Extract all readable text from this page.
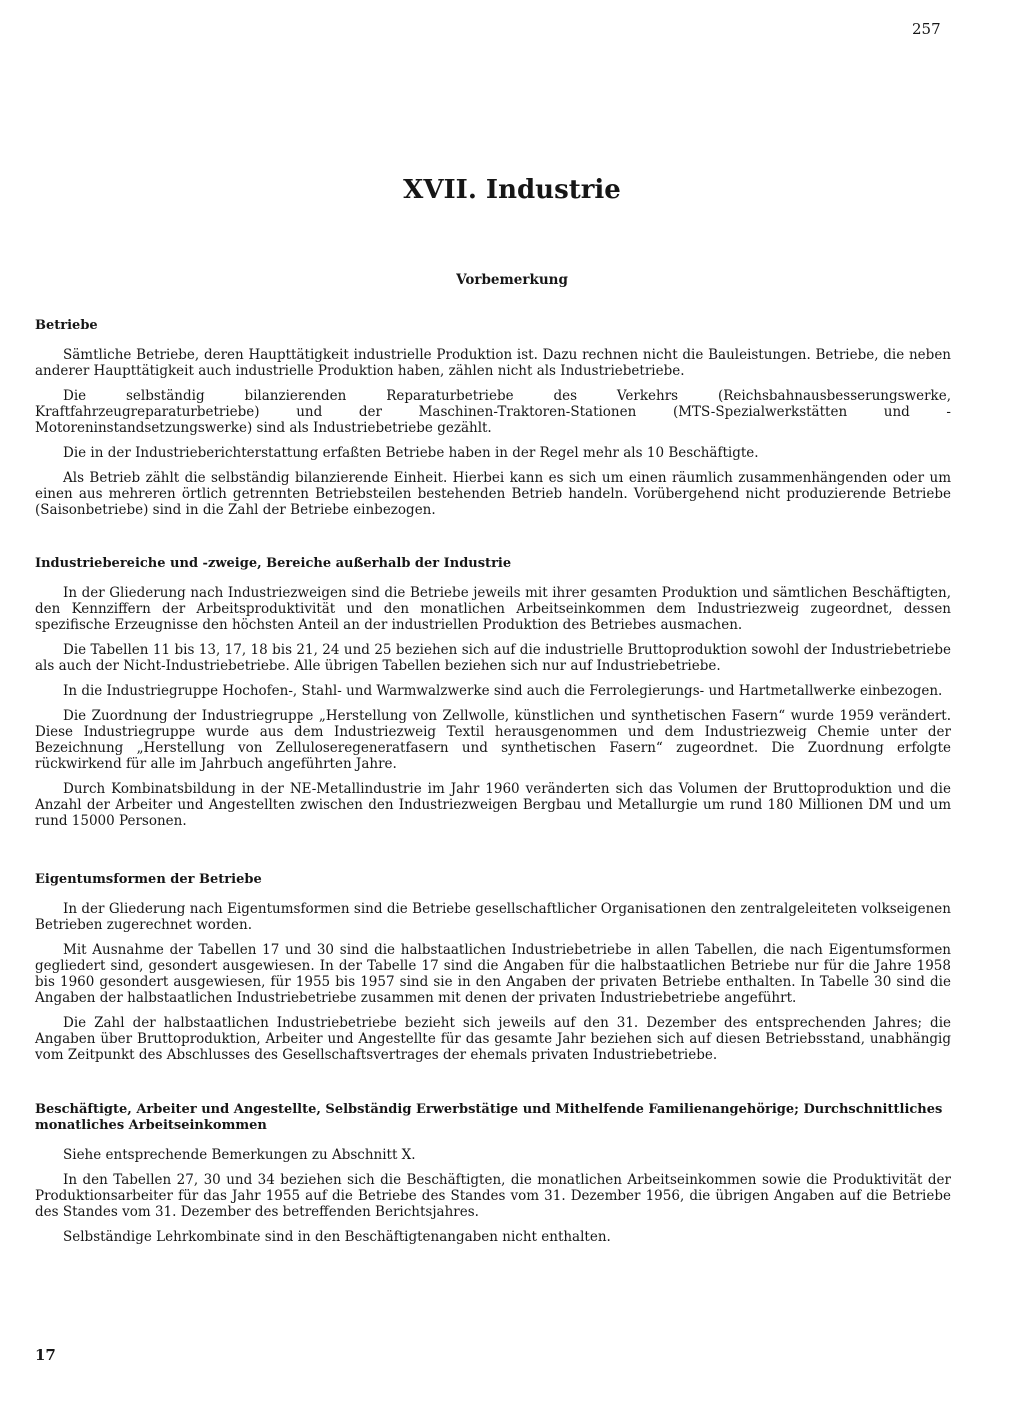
257
XVII. Industrie
Vorbemerkung
Betriebe

Sämtliche Betriebe, deren Haupttätigkeit industrielle Produktion ist. Dazu rechnen nicht die Bauleistungen. Betriebe, die neben anderer Haupttätigkeit auch industrielle Produktion haben, zählen nicht als Industriebetriebe.

Die selbständig bilanzierenden Reparaturbetriebe des Verkehrs (Reichsbahnausbesserungswerke, Kraftfahrzeugreparaturbetriebe) und der Maschinen-Traktoren-Stationen (MTS-Spezialwerkstätten und -Motoreninstandsetzungswerke) sind als Industriebetriebe gezählt.

Die in der Industrieberichterstattung erfaßten Betriebe haben in der Regel mehr als 10 Beschäftigte.

Als Betrieb zählt die selbständig bilanzierende Einheit. Hierbei kann es sich um einen räumlich zusammenhängenden oder um einen aus mehreren örtlich getrennten Betriebsteilen bestehenden Betrieb handeln. Vorübergehend nicht produzierende Betriebe (Saisonbetriebe) sind in die Zahl der Betriebe einbezogen.

Industriebereiche und -zweige, Bereiche außerhalb der Industrie

In der Gliederung nach Industriezweigen sind die Betriebe jeweils mit ihrer gesamten Produktion und sämtlichen Beschäftigten, den Kennziffern der Arbeitsproduktivität und den monatlichen Arbeitseinkommen dem Industriezweig zugeordnet, dessen spezifische Erzeugnisse den höchsten Anteil an der industriellen Produktion des Betriebes ausmachen.

Die Tabellen 11 bis 13, 17, 18 bis 21, 24 und 25 beziehen sich auf die industrielle Bruttoproduktion sowohl der Industriebetriebe als auch der Nicht-Industriebetriebe. Alle übrigen Tabellen beziehen sich nur auf Industriebetriebe.

In die Industriegruppe Hochofen-, Stahl- und Warmwalzwerke sind auch die Ferrolegierungs- und Hartmetallwerke einbezogen.

Die Zuordnung der Industriegruppe „Herstellung von Zellwolle, künstlichen und synthetischen Fasern“ wurde 1959 verändert. Diese Industriegruppe wurde aus dem Industriezweig Textil herausgenommen und dem Industriezweig Chemie unter der Bezeichnung „Herstellung von Zelluloseregeneratfasern und synthetischen Fasern“ zugeordnet. Die Zuordnung erfolgte rückwirkend für alle im Jahrbuch angeführten Jahre.

Durch Kombinatsbildung in der NE-Metallindustrie im Jahr 1960 veränderten sich das Volumen der Bruttoproduktion und die Anzahl der Arbeiter und Angestellten zwischen den Industriezweigen Bergbau und Metallurgie um rund 180 Millionen DM und um rund 15000 Personen.

Eigentumsformen der Betriebe

In der Gliederung nach Eigentumsformen sind die Betriebe gesellschaftlicher Organisationen den zentralgeleiteten volkseigenen Betrieben zugerechnet worden.

Mit Ausnahme der Tabellen 17 und 30 sind die halbstaatlichen Industriebetriebe in allen Tabellen, die nach Eigentumsformen gegliedert sind, gesondert ausgewiesen. In der Tabelle 17 sind die Angaben für die halbstaatlichen Betriebe nur für die Jahre 1958 bis 1960 gesondert ausgewiesen, für 1955 bis 1957 sind sie in den Angaben der privaten Betriebe enthalten. In Tabelle 30 sind die Angaben der halbstaatlichen Industriebetriebe zusammen mit denen der privaten Industriebetriebe angeführt.

Die Zahl der halbstaatlichen Industriebetriebe bezieht sich jeweils auf den 31. Dezember des entsprechenden Jahres; die Angaben über Bruttoproduktion, Arbeiter und Angestellte für das gesamte Jahr beziehen sich auf diesen Betriebsstand, unabhängig vom Zeitpunkt des Abschlusses des Gesellschaftsvertrages der ehemals privaten Industriebetriebe.

Beschäftigte, Arbeiter und Angestellte, Selbständig Erwerbstätige und Mithelfende Familienangehörige; Durchschnittliches monatliches Arbeitseinkommen

Siehe entsprechende Bemerkungen zu Abschnitt X.

In den Tabellen 27, 30 und 34 beziehen sich die Beschäftigten, die monatlichen Arbeitseinkommen sowie die Produktivität der Produktionsarbeiter für das Jahr 1955 auf die Betriebe des Standes vom 31. Dezember 1956, die übrigen Angaben auf die Betriebe des Standes vom 31. Dezember des betreffenden Berichtsjahres.

Selbständige Lehrkombinate sind in den Beschäftigtenangaben nicht enthalten.

17
